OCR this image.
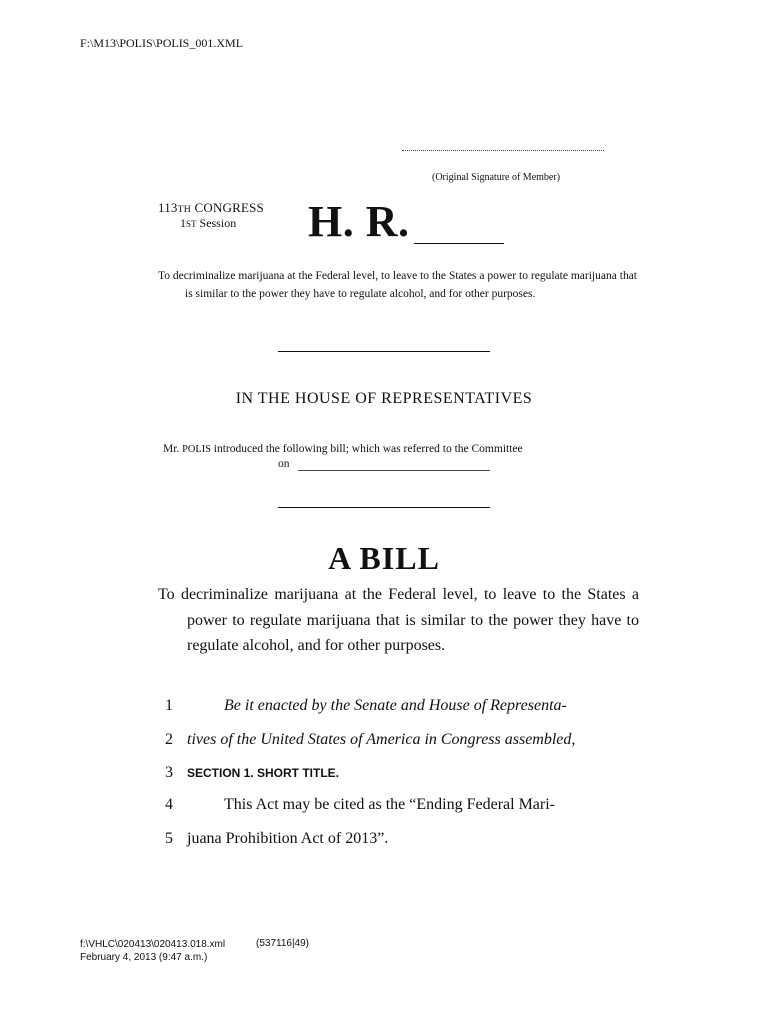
F:\M13\POLIS\POLIS_001.XML
(Original Signature of Member)
113TH CONGRESS
1ST Session H. R.
To decriminalize marijuana at the Federal level, to leave to the States a power to regulate marijuana that is similar to the power they have to regulate alcohol, and for other purposes.
IN THE HOUSE OF REPRESENTATIVES
Mr. POLIS introduced the following bill; which was referred to the Committee
on
A BILL
To decriminalize marijuana at the Federal level, to leave to the States a power to regulate marijuana that is similar to the power they have to regulate alcohol, and for other purposes.
1	Be it enacted by the Senate and House of Representa-
2 tives of the United States of America in Congress assembled,
3	SECTION 1. SHORT TITLE.
4	This Act may be cited as the “Ending Federal Mari-
5 juana Prohibition Act of 2013”.
f:\VHLC\020413\020413.018.xml
February 4, 2013 (9:47 a.m.)
(537116|49)
